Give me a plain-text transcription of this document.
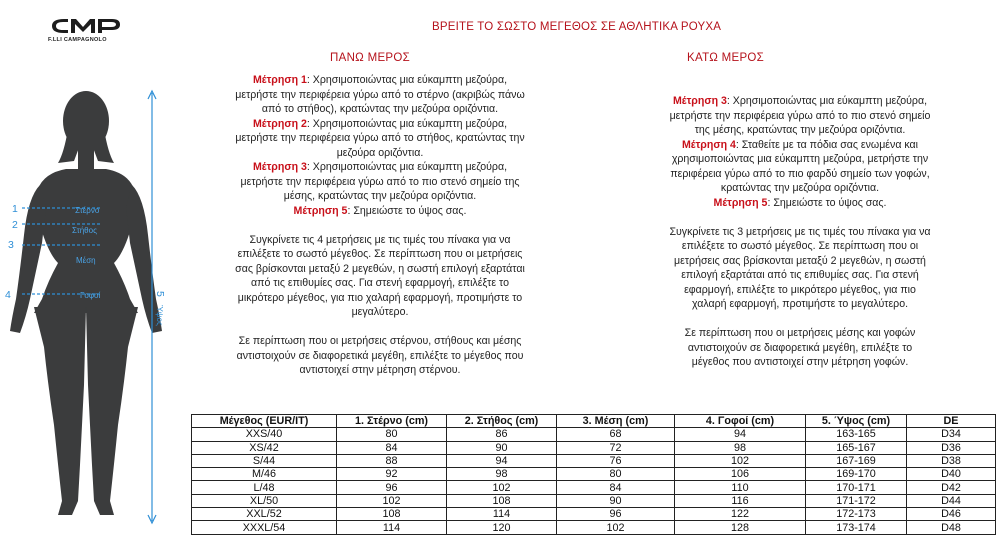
F.LLI CAMPAGNOLO
ΒΡΕΙΤΕ ΤΟ ΣΩΣΤΟ ΜΕΓΕΘΟΣ ΣΕ ΑΘΛΗΤΙΚΑ ΡΟΥΧΑ
ΠΑΝΩ ΜΕΡΟΣ	ΚΑΤΩ ΜΕΡΟΣ

Μέτρηση 1: Χρησιμοποιώντας μια εύκαμπτη μεζούρα,

μετρήστε την περιφέρεια γύρω από το στέρνο (ακριβώς πάνω

από το στήθος), κρατώντας την μεζούρα οριζόντια.

Μέτρηση 2: Χρησιμοποιώντας μια εύκαμπτη μεζούρα,

μετρήστε την περιφέρεια γύρω από το στήθος, κρατώντας την

μεζούρα οριζόντια.

Μέτρηση 3: Χρησιμοποιώντας μια εύκαμπτη μεζούρα,

μετρήστε την περιφέρεια γύρω από το πιο στενό σημείο της

μέσης, κρατώντας την μεζούρα οριζόντια.

Μέτρηση 5: Σημειώστε το ύψος σας.

Συγκρίνετε τις 4 μετρήσεις με τις τιμές του πίνακα για να

επιλέξετε το σωστό μέγεθος. Σε περίπτωση που οι μετρήσεις

σας βρίσκονται μεταξύ 2 μεγεθών, η σωστή επιλογή εξαρτάται

από τις επιθυμίες σας. Για στενή εφαρμογή, επιλέξτε το

μικρότερο μέγεθος, για πιο χαλαρή εφαρμογή, προτιμήστε το

μεγαλύτερο.

Σε περίπτωση που οι μετρήσεις στέρνου, στήθους και μέσης

αντιστοιχούν σε διαφορετικά μεγέθη, επιλέξτε το μέγεθος που

αντιστοιχεί στην μέτρηση στέρνου.

Μέτρηση 3: Χρησιμοποιώντας μια εύκαμπτη μεζούρα,

μετρήστε την περιφέρεια γύρω από το πιο στενό σημείο

της μέσης, κρατώντας την μεζούρα οριζόντια.

Μέτρηση 4: Σταθείτε με τα πόδια σας ενωμένα και

χρησιμοποιώντας μια εύκαμπτη μεζούρα, μετρήστε την

περιφέρεια γύρω από το πιο φαρδύ σημείο των γοφών,

κρατώντας την μεζούρα οριζόντια.

Μέτρηση 5: Σημειώστε το ύψος σας.

Συγκρίνετε τις 3 μετρήσεις με τις τιμές του πίνακα για να

επιλέξετε το σωστό μέγεθος. Σε περίπτωση που οι

μετρήσεις σας βρίσκονται μεταξύ 2 μεγεθών, η σωστή

επιλογή εξαρτάται από τις επιθυμίες σας. Για στενή

εφαρμογή, επιλέξτε το μικρότερο μέγεθος, για πιο

χαλαρή εφαρμογή, προτιμήστε το μεγαλύτερο.

Σε περίπτωση που οι μετρήσεις μέσης και γοφών

αντιστοιχούν σε διαφορετικά μεγέθη, επιλέξτε το

μέγεθος που αντιστοιχεί στην μέτρηση γοφών.

1
2
3
4
Στέρνο
Στήθος
Μέση
Γοφοί	5
Ύψος
Μέγεθος (EUR/IT)	1. Στέρνο (cm)	2. Στήθος (cm)	3. Μέση (cm)	4. Γοφοί (cm)	5. Ύψος (cm)	DE
XXS/40	80	86	68	94	163-165	D34
XS/42	84	90	72	98	165-167	D36
S/44	88	94	76	102	167-169	D38
M/46	92	98	80	106	169-170	D40
L/48	96	102	84	110	170-171	D42
XL/50	102	108	90	116	171-172	D44
XXL/52	108	114	96	122	172-173	D46
XXXL/54	114	120	102	128	173-174	D48
